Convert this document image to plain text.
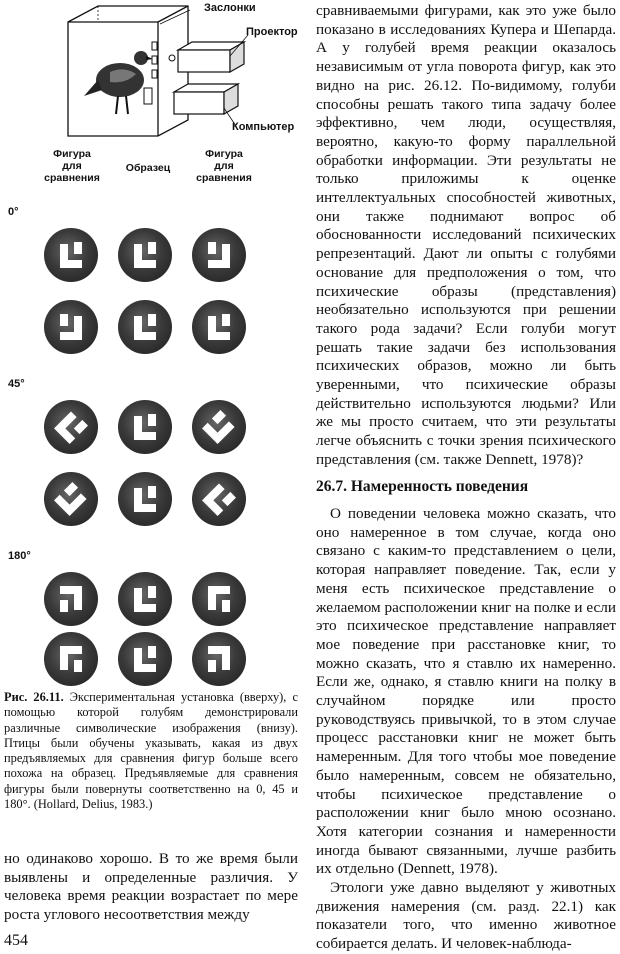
Заслонки
Проектор
Компьютер
Фигура для сравнения
Образец
Фигура для сравнения
0°
45°
180°

Рис. 26.11. Экспериментальная установка (вверху), с помощью которой голубям демонстрировали различные символические изображения (внизу). Птицы были обучены указывать, какая из двух предъявляемых для сравнения фигур больше всего похожа на образец. Предъявляемые для сравнения фигуры были повернуты соответственно на 0, 45 и 180°. (Hollard, Delius, 1983.)

но одинаково хорошо. В то же время были выявлены и определенные различия. У человека время реакции возрастает по мере роста углового несоответствия между

сравниваемыми фигурами, как это уже было показано в исследованиях Купера и Шепарда. А у голубей время реакции оказалось независимым от угла поворота фигур, как это видно на рис. 26.12. По-видимому, голуби способны решать такого типа задачу более эффективно, чем люди, осуществляя, вероятно, какую-то форму параллельной обработки информации. Эти результаты не только приложимы к оценке интеллектуальных способностей животных, они также поднимают вопрос об обоснованности исследований психических репрезентаций. Дают ли опыты с голубями основание для предположения о том, что психические образы (представления) необязательно используются при решении такого рода задачи? Если голуби могут решать такие задачи без использования психических образов, можно ли быть уверенными, что психические образы действительно используются людьми? Или же мы просто считаем, что эти результаты легче объяснить с точки зрения психического представления (см. также Dennett, 1978)?

26.7. Намеренность поведения

О поведении человека можно сказать, что оно намеренное в том случае, когда оно связано с каким-то представлением о цели, которая направляет поведение. Так, если у меня есть психическое представление о желаемом расположении книг на полке и если это психическое представление направляет мое поведение при расстановке книг, то можно сказать, что я ставлю их намеренно. Если же, однако, я ставлю книги на полку в случайном порядке или просто руководствуясь привычкой, то в этом случае процесс расстановки книг не может быть намеренным. Для того чтобы мое поведение было намеренным, совсем не обязательно, чтобы психическое представление о расположении книг было мною осознано. Хотя категории сознания и намеренности иногда бывают связанными, лучше разбить их отдельно (Dennett, 1978).

Этологи уже давно выделяют у животных движения намерения (см. разд. 22.1) как показатели того, что именно животное собирается делать. И человек-наблюда-

454
